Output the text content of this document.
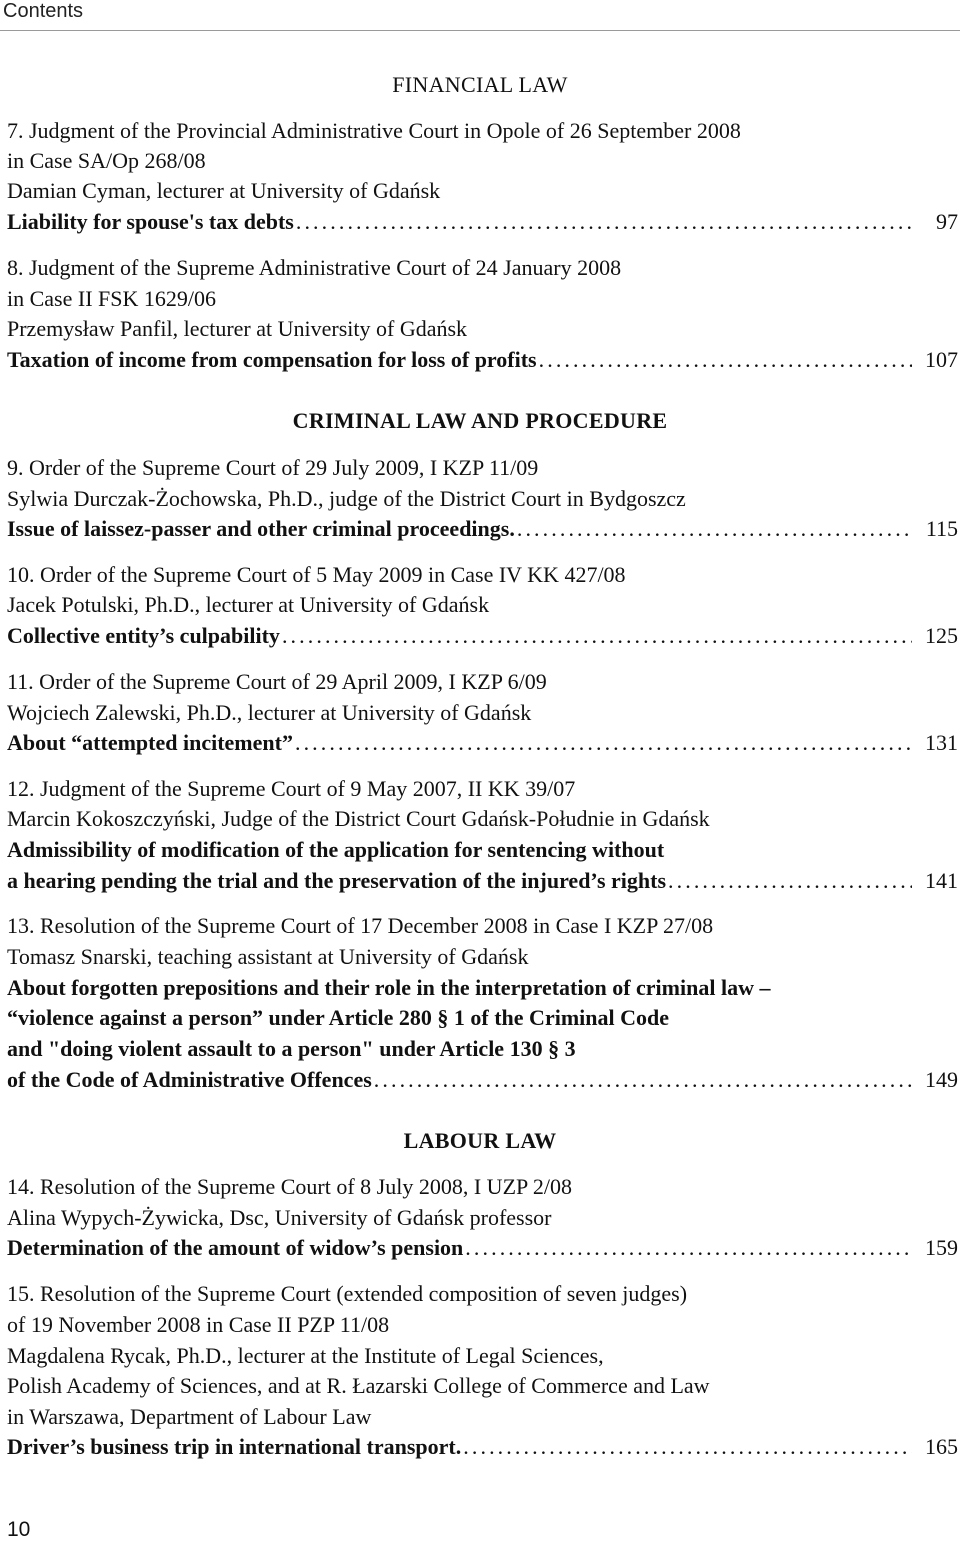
Contents
FINANCIAL LAW
7. Judgment of the Provincial Administrative Court in Opole of 26 September 2008
in Case SA/Op 268/08
Damian Cyman, lecturer at University of Gdańsk
Liability for spouse's tax debts . . .	97
8. Judgment of the Supreme Administrative Court of 24 January 2008
in Case II FSK 1629/06
Przemysław Panfil, lecturer at University of Gdańsk
Taxation of income from compensation for loss of profits . . .	107
CRIMINAL LAW AND PROCEDURE
9. Order of the Supreme Court of 29 July 2009, I KZP 11/09
Sylwia Durczak-Żochowska, Ph.D., judge of the District Court in Bydgoszcz
Issue of laissez-passer and other criminal proceedings. . . .	115
10. Order of the Supreme Court of 5 May 2009 in Case IV KK 427/08
Jacek Potulski, Ph.D., lecturer at University of Gdańsk
Collective entity’s culpability . . .	125
11. Order of the Supreme Court of 29 April 2009, I KZP 6/09
Wojciech Zalewski, Ph.D., lecturer at University of Gdańsk
About “attempted incitement” . . .	131
12. Judgment of the Supreme Court of 9 May 2007, II KK 39/07
Marcin Kokoszczyński, Judge of the District Court Gdańsk-Południe in Gdańsk
Admissibility of modification of the application for sentencing without
a hearing pending the trial and the preservation of the injured’s rights . . .	141
13. Resolution of the Supreme Court of 17 December 2008 in Case I KZP 27/08
Tomasz Snarski, teaching assistant at University of Gdańsk
About forgotten prepositions and their role in the interpretation of criminal law –
“violence against a person” under Article 280 § 1 of the Criminal Code
and "doing violent assault to a person" under Article 130 § 3
of the Code of Administrative Offences . . .	149
LABOUR LAW
14. Resolution of the Supreme Court of 8 July 2008, I UZP 2/08
Alina Wypych-Żywicka, Dsc, University of Gdańsk professor
Determination of the amount of widow’s pension . . .	159
15. Resolution of the Supreme Court (extended composition of seven judges)
of 19 November 2008 in Case II PZP 11/08
Magdalena Rycak, Ph.D., lecturer at the Institute of Legal Sciences,
Polish Academy of Sciences, and at R. Łazarski College of Commerce and Law
in Warszawa, Department of Labour Law
Driver’s business trip in international transport. . . .	165
10
